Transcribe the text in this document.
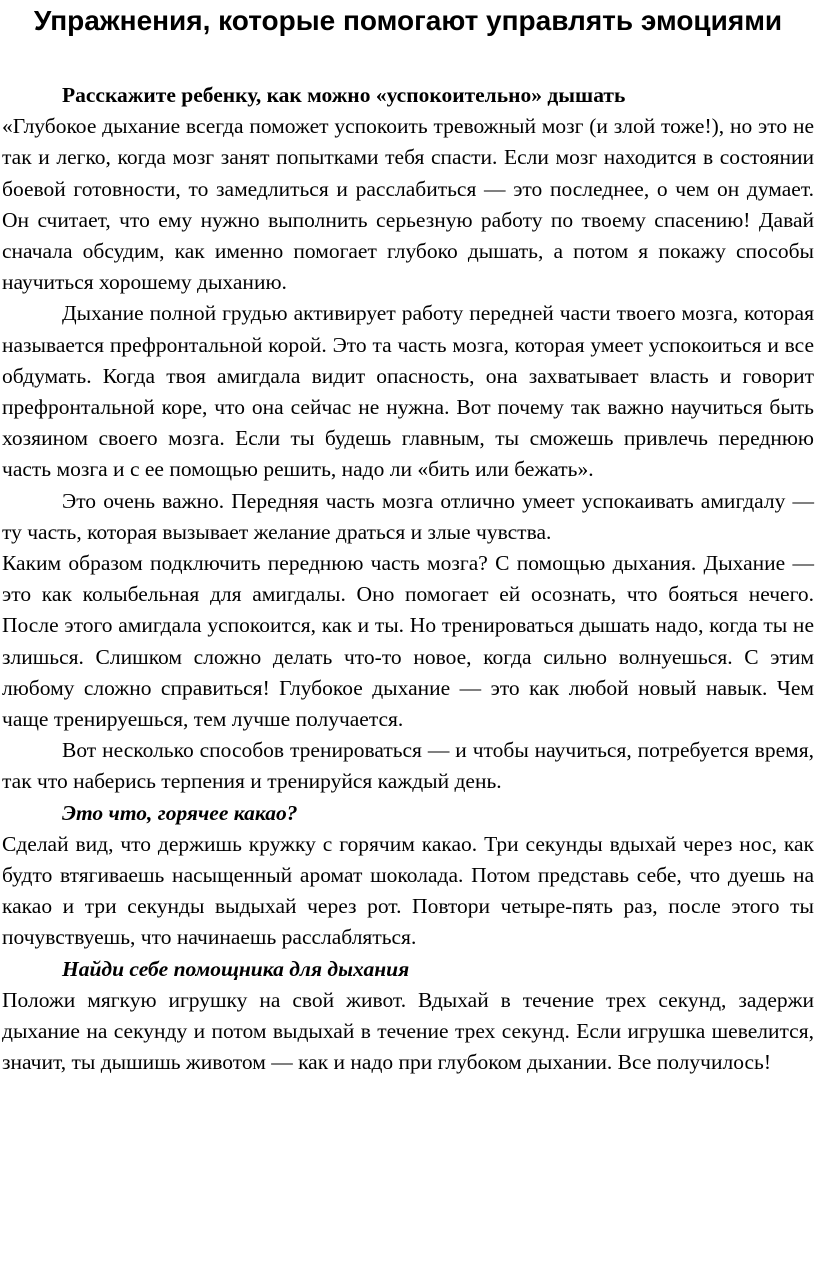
Упражнения, которые помогают управлять эмоциями

Расскажите ребенку, как можно «успокоительно» дышать

«Глубокое дыхание всегда поможет успокоить тревожный мозг (и злой тоже!), но это не так и легко, когда мозг занят попытками тебя спасти. Если мозг находится в состоянии боевой готовности, то замедлиться и расслабиться — это последнее, о чем он думает. Он считает, что ему нужно выполнить серьезную работу по твоему спасению! Давай сначала обсудим, как именно помогает глубоко дышать, а потом я покажу способы научиться хорошему дыханию.

Дыхание полной грудью активирует работу передней части твоего мозга, которая называется префронтальной корой. Это та часть мозга, которая умеет успокоиться и все обдумать. Когда твоя амигдала видит опасность, она захватывает власть и говорит префронтальной коре, что она сейчас не нужна. Вот почему так важно научиться быть хозяином своего мозга. Если ты будешь главным, ты сможешь привлечь переднюю часть мозга и с ее помощью решить, надо ли «бить или бежать».

Это очень важно. Передняя часть мозга отлично умеет успокаивать амигдалу — ту часть, которая вызывает желание драться и злые чувства.

Каким образом подключить переднюю часть мозга? С помощью дыхания. Дыхание — это как колыбельная для амигдалы. Оно помогает ей осознать, что бояться нечего. После этого амигдала успокоится, как и ты. Но тренироваться дышать надо, когда ты не злишься. Слишком сложно делать что-то новое, когда сильно волнуешься. С этим любому сложно справиться! Глубокое дыхание — это как любой новый навык. Чем чаще тренируешься, тем лучше получается.

Вот несколько способов тренироваться — и чтобы научиться, потребуется время, так что наберись терпения и тренируйся каждый день.

Это что, горячее какао?

Сделай вид, что держишь кружку с горячим какао. Три секунды вдыхай через нос, как будто втягиваешь насыщенный аромат шоколада. Потом представь себе, что дуешь на какао и три секунды выдыхай через рот. Повтори четыре-пять раз, после этого ты почувствуешь, что начинаешь расслабляться.

Найди себе помощника для дыхания

Положи мягкую игрушку на свой живот. Вдыхай в течение трех секунд, задержи дыхание на секунду и потом выдыхай в течение трех секунд. Если игрушка шевелится, значит, ты дышишь животом — как и надо при глубоком дыхании. Все получилось!
